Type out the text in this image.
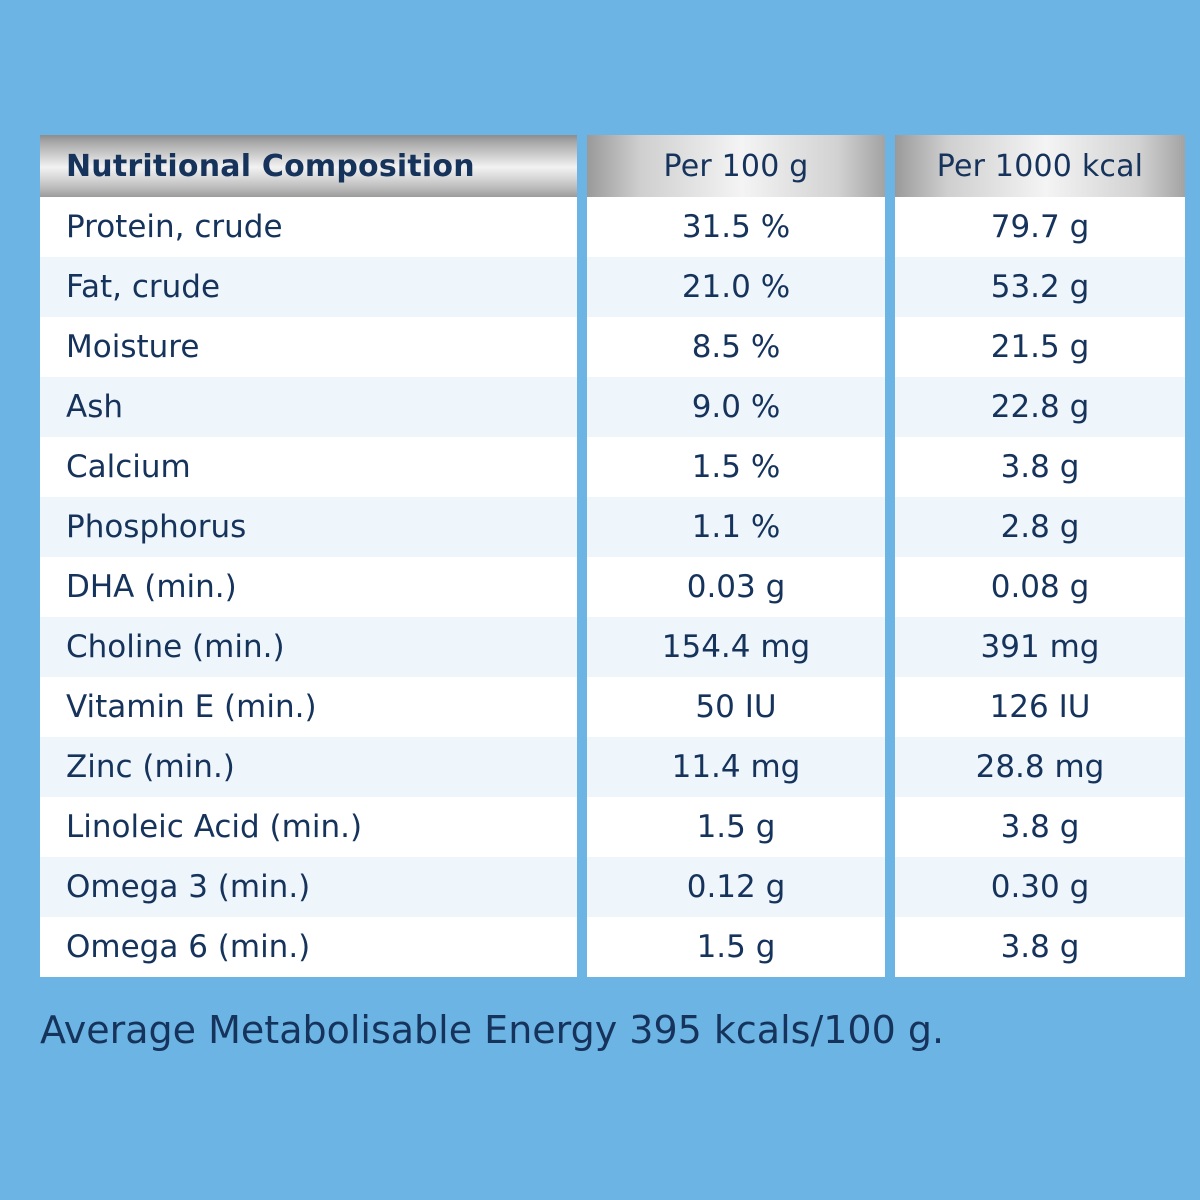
Nutritional Composition		Per 100 g		Per 1000 kcal
Protein, crude		31.5 %		79.7 g
Fat, crude		21.0 %		53.2 g
Moisture		8.5 %		21.5 g
Ash		9.0 %		22.8 g
Calcium		1.5 %		3.8 g
Phosphorus		1.1 %		2.8 g
DHA (min.)		0.03 g		0.08 g
Choline (min.)		154.4 mg		391 mg
Vitamin E (min.)		50 IU		126 IU
Zinc (min.)		11.4 mg		28.8 mg
Linoleic Acid (min.)		1.5 g		3.8 g
Omega 3 (min.)		0.12 g		0.30 g
Omega 6 (min.)		1.5 g		3.8 g
Average Metabolisable Energy 395 kcals/100 g.
